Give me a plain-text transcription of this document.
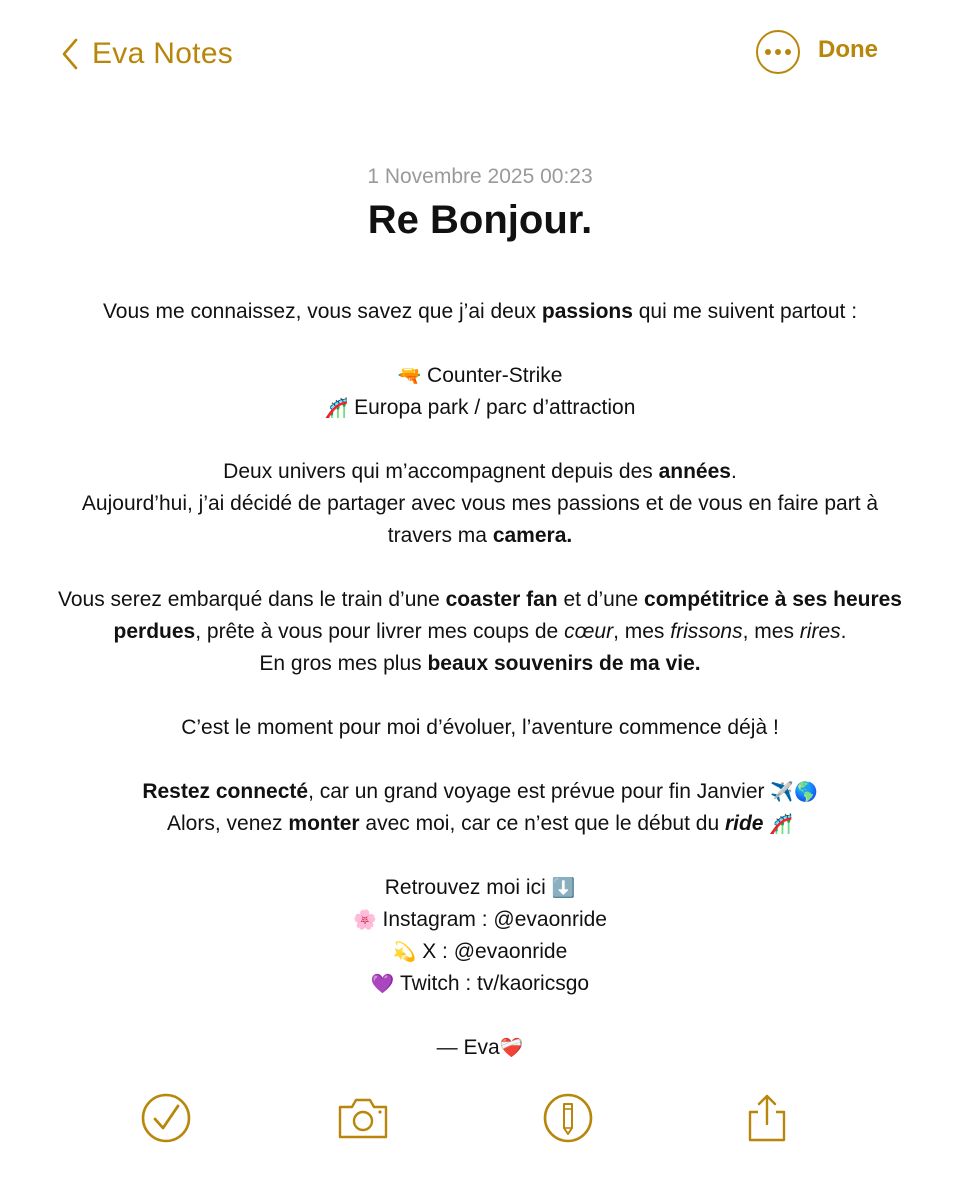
Eva Notes	Done
1 Novembre 2025 00:23
Re Bonjour.

Vous me connaissez, vous savez que j’ai deux passions qui me suivent partout :

🔫 Counter-Strike

🎢 Europa park / parc d’attraction

Deux univers qui m’accompagnent depuis des années.

Aujourd’hui, j’ai décidé de partager avec vous mes passions et de vous en faire part à

travers ma camera.

Vous serez embarqué dans le train d’une coaster fan et d’une compétitrice à ses heures

perdues, prête à vous pour livrer mes coups de cœur, mes frissons, mes rires.

En gros mes plus beaux souvenirs de ma vie.

C’est le moment pour moi d’évoluer, l’aventure commence déjà !

Restez connecté, car un grand voyage est prévue pour fin Janvier ✈️🌎

Alors, venez monter avec moi, car ce n’est que le début du ride 🎢

Retrouvez moi ici ⬇️

🌸 Instagram : @evaonride

💫 X : @evaonride

💜 Twitch : tv/kaoricsgo

— Eva❤️‍🩹
